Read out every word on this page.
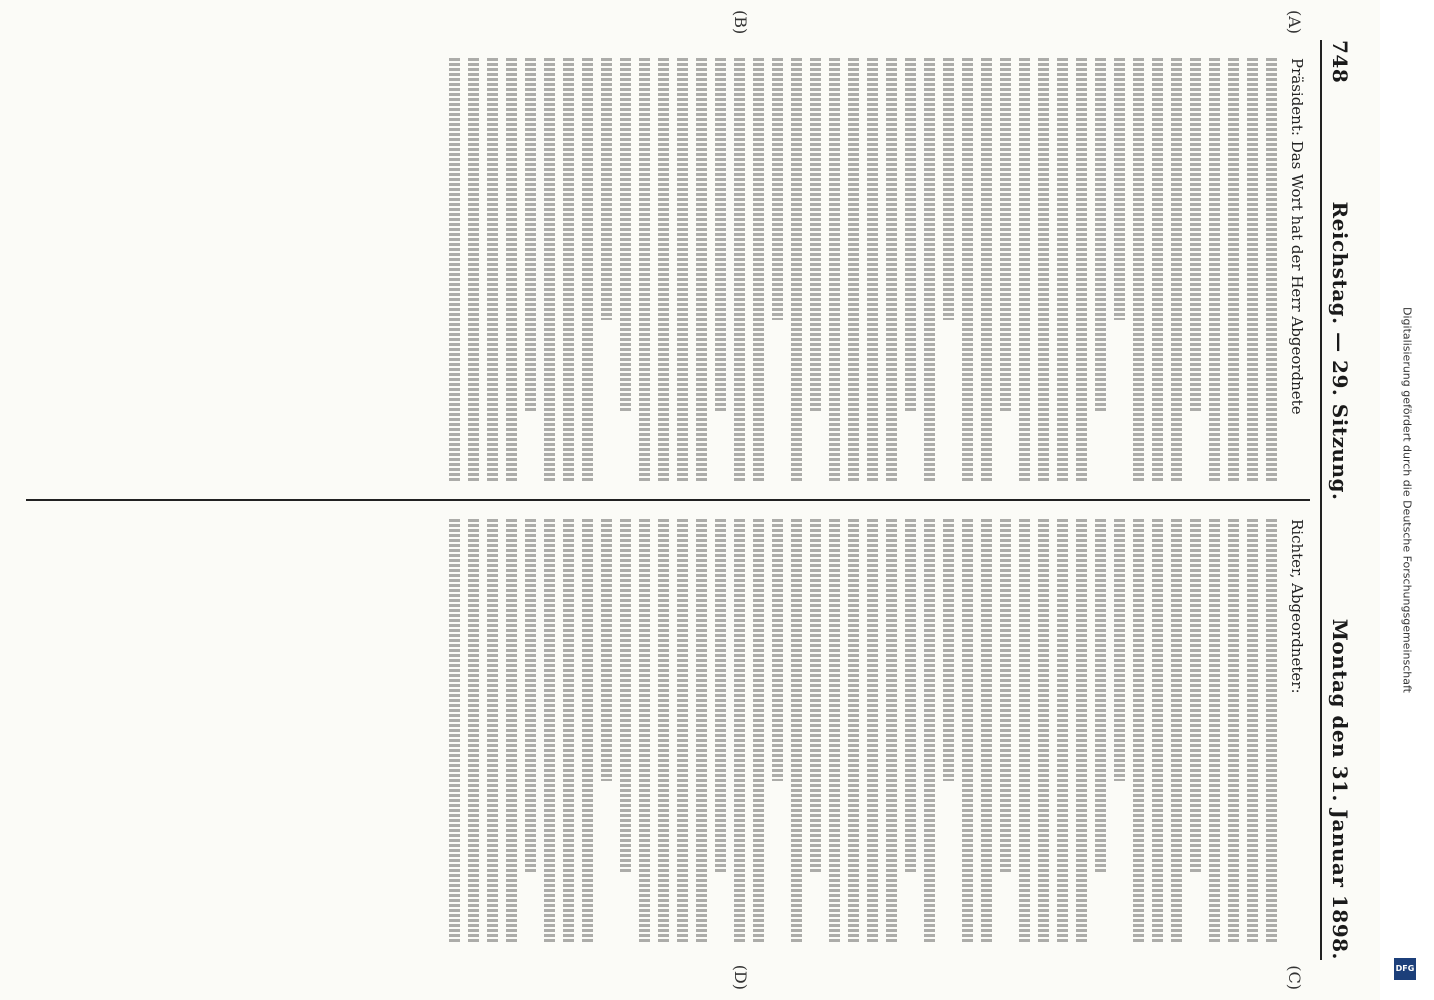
748
Reichstag. — 29. Sitzung.
Montag den 31. Januar 1898.
(A)
(B)
Präsident: Das Wort hat der Herr Abgeordnete
(C)
(D)
Richter, Abgeordneter:	Digitalisierung gefördert durch die Deutsche Forschungsgemeinschaft
DFG
